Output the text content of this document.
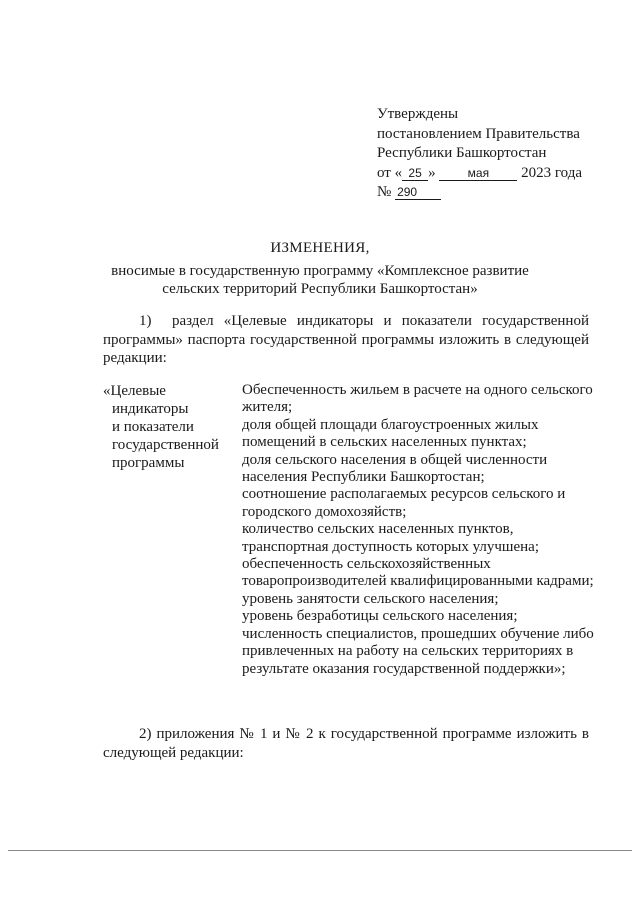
Утверждены
постановлением Правительства
Республики Башкортостан
от « 25 »	мая 2023 года
№ 290
ИЗМЕНЕНИЯ,
вносимые в государственную программу «Комплексное развитие
сельских территорий Республики Башкортостан»
1) раздел «Целевые индикаторы и показатели государственной программы» паспорта государственной программы изложить в следующей редакции:
«Целевые
индикаторы
и показатели
государственной
программы
Обеспеченность жильем в расчете на одного сельского жителя;
доля общей площади благоустроенных жилых помещений в сельских населенных пунктах;
доля сельского населения в общей численности населения Республики Башкортостан;
соотношение располагаемых ресурсов сельского и городского домохозяйств;
количество сельских населенных пунктов, транспортная доступность которых улучшена;
обеспеченность сельскохозяйственных товаропроизводителей квалифицированными кадрами;
уровень занятости сельского населения;
уровень безработицы сельского населения;
численность специалистов, прошедших обучение либо привлеченных на работу на сельских территориях в результате оказания государственной поддержки»;
2) приложения № 1 и № 2 к государственной программе изложить в следующей редакции:
